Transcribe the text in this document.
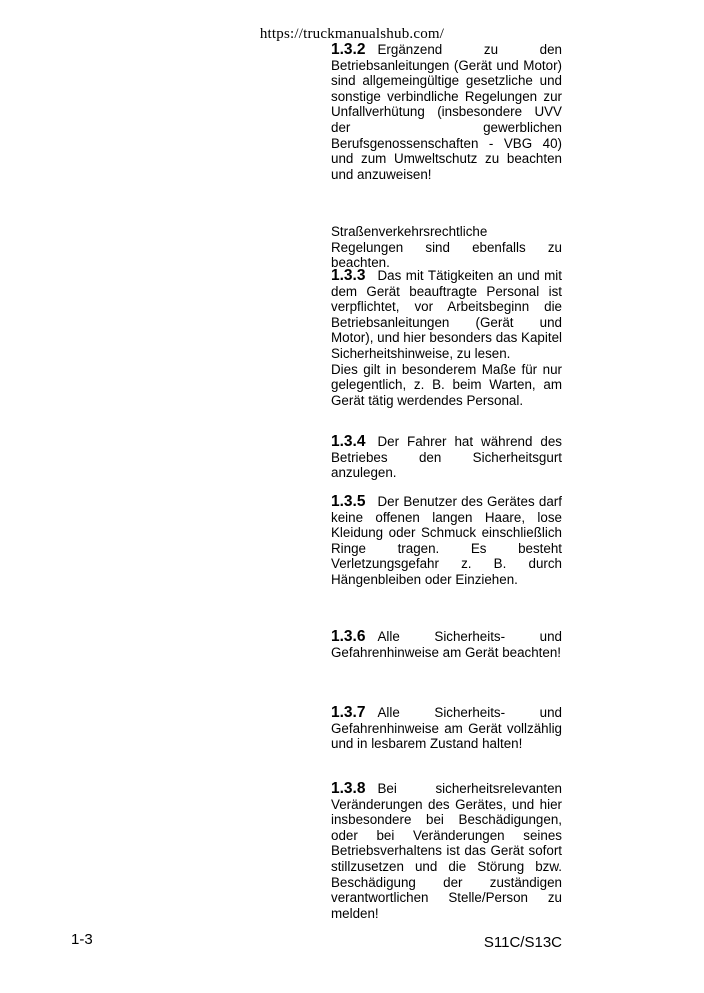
https://truckmanualshub.com/

1.3.2 Ergänzend zu den Betriebsanleitungen (Gerät und Motor) sind allgemeingültige gesetzliche und sonstige verbindliche Regelungen zur Unfallverhütung (insbesondere UVV der gewerblichen Berufsgenossenschaften - VBG 40) und zum Umweltschutz zu beachten und anzuweisen!

Straßenverkehrsrechtliche Regelungen sind ebenfalls zu beachten.

1.3.3 Das mit Tätigkeiten an und mit dem Gerät beauftragte Personal ist verpflichtet, vor Arbeitsbeginn die Betriebsanleitungen (Gerät und Motor), und hier besonders das Kapitel Sicherheitshinweise, zu lesen.

Dies gilt in besonderem Maße für nur gelegentlich, z. B. beim Warten, am Gerät tätig werdendes Personal.

1.3.4 Der Fahrer hat während des Betriebes den Sicherheitsgurt anzulegen.

1.3.5 Der Benutzer des Gerätes darf keine offenen langen Haare, lose Kleidung oder Schmuck einschließlich Ringe tragen. Es besteht Verletzungsgefahr z. B. durch Hängenbleiben oder Einziehen.

1.3.6 Alle Sicherheits- und Gefahrenhinweise am Gerät beachten!

1.3.7 Alle Sicherheits- und Gefahrenhinweise am Gerät vollzählig und in lesbarem Zustand halten!

1.3.8 Bei sicherheitsrelevanten Veränderungen des Gerätes, und hier insbesondere bei Beschädigungen, oder bei Veränderungen seines Betriebsverhaltens ist das Gerät sofort stillzusetzen und die Störung bzw. Beschädigung der zuständigen verantwortlichen Stelle/Person zu melden!

1-3	S11C/S13C
